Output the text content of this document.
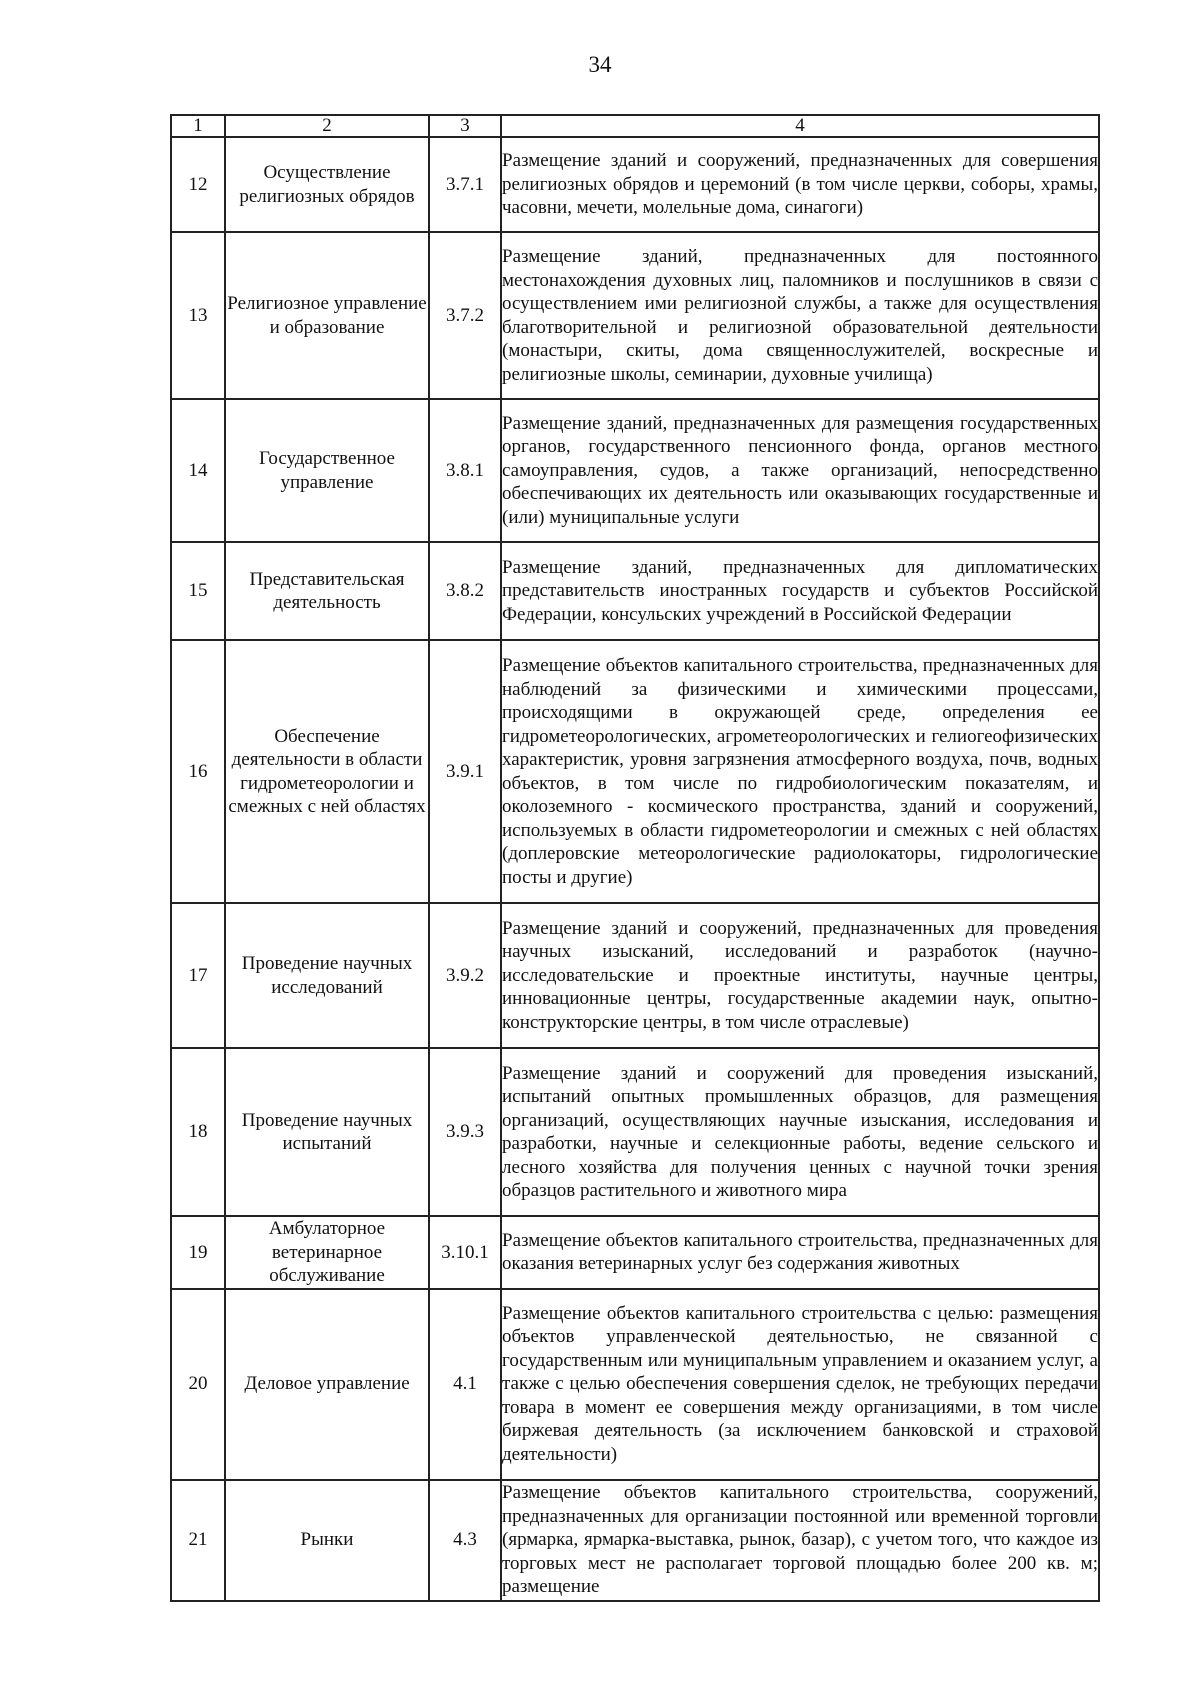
34
1	2	3	4
12	Осуществление религиозных обрядов	3.7.1	Размещение зданий и сооружений, предназначенных для совершения религиозных обрядов и церемоний (в том числе церкви, соборы, храмы, часовни, мечети, молельные дома, синагоги)
13	Религиозное управление и образование	3.7.2	Размещение зданий, предназначенных для постоянного местонахождения духовных лиц, паломников и послушников в связи с осуществлением ими религиозной службы, а также для осуществления благотворительной и религиозной образовательной деятельности (монастыри, скиты, дома священнослужителей, воскресные и религиозные школы, семинарии, духовные училища)
14	Государственное управление	3.8.1	Размещение зданий, предназначенных для размещения государственных органов, государственного пенсионного фонда, органов местного самоуправления, судов, а также организаций, непосредственно обеспечивающих их деятельность или оказывающих государственные и (или) муниципальные услуги
15	Представительская деятельность	3.8.2	Размещение зданий, предназначенных для дипломатических представительств иностранных государств и субъектов Российской Федерации, консульских учреждений в Российской Федерации
16	Обеспечение деятельности в области гидрометеорологии и смежных с ней областях	3.9.1	Размещение объектов капитального строительства, предназначенных для наблюдений за физическими и химическими процессами, происходящими в окружающей среде, определения ее гидрометеорологических, агрометеорологических и гелиогеофизических характеристик, уровня загрязнения атмосферного воздуха, почв, водных объектов, в том числе по гидробиологическим показателям, и околоземного - космического пространства, зданий и сооружений, используемых в области гидрометеорологии и смежных с ней областях (доплеровские метеорологические радиолокаторы, гидрологические посты и другие)
17	Проведение научных исследований	3.9.2	Размещение зданий и сооружений, предназначенных для проведения научных изысканий, исследований и разработок (научно-исследовательские и проектные институты, научные центры, инновационные центры, государственные академии наук, опытно-конструкторские центры, в том числе отраслевые)
18	Проведение научных испытаний	3.9.3	Размещение зданий и сооружений для проведения изысканий, испытаний опытных промышленных образцов, для размещения организаций, осуществляющих научные изыскания, исследования и разработки, научные и селекционные работы, ведение сельского и лесного хозяйства для получения ценных с научной точки зрения образцов растительного и животного мира
19	Амбулаторное ветеринарное обслуживание	3.10.1	Размещение объектов капитального строительства, предназначенных для оказания ветеринарных услуг без содержания животных
20	Деловое управление	4.1	Размещение объектов капитального строительства с целью: размещения объектов управленческой деятельностью, не связанной с государственным или муниципальным управлением и оказанием услуг, а также с целью обеспечения совершения сделок, не требующих передачи товара в момент ее совершения между организациями, в том числе биржевая деятельность (за исключением банковской и страховой деятельности)
21	Рынки	4.3	Размещение объектов капитального строительства, сооружений, предназначенных для организации постоянной или временной торговли (ярмарка, ярмарка-выставка, рынок, базар), с учетом того, что каждое из торговых мест не располагает торговой площадью более 200 кв. м; размещение
